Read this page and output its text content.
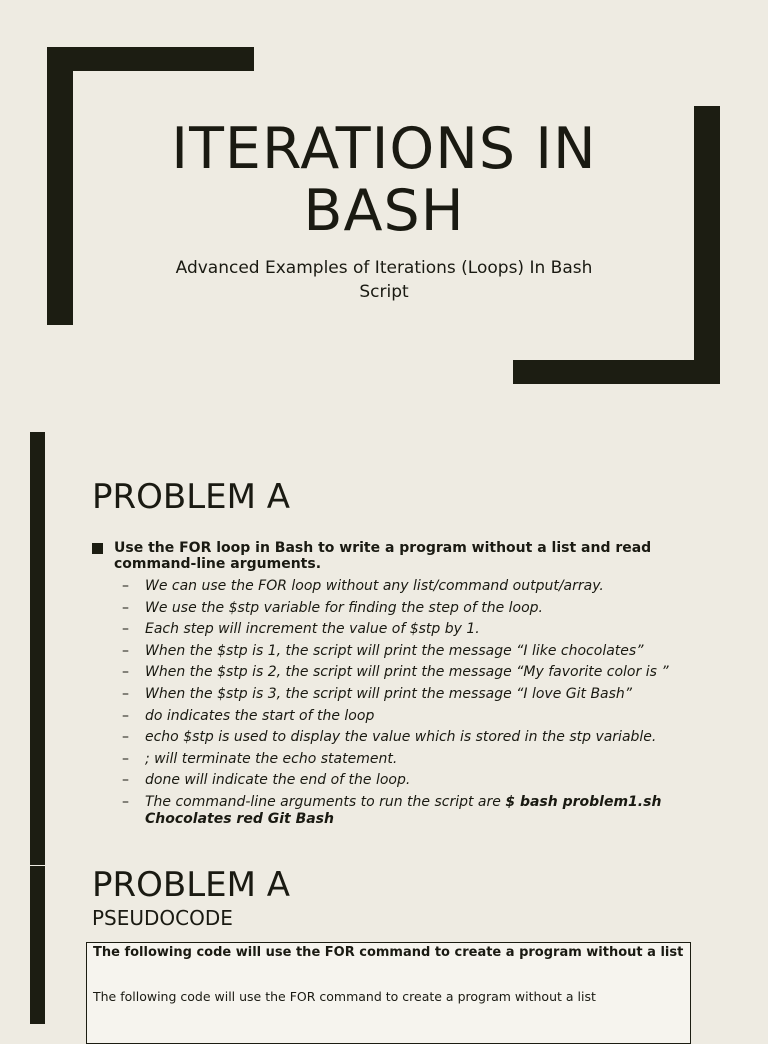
ITERATIONS IN BASH

Advanced Examples of Iterations (Loops) In Bash Script

PROBLEM A
Use the FOR loop in Bash to write a program without a list and read command-line arguments.
– We can use the FOR loop without any list/command output/array.
– We use the $stp variable for finding the step of the loop.
– Each step will increment the value of $stp by 1.
– When the $stp is 1, the script will print the message “I like chocolates”
– When the $stp is 2, the script will print the message “My favorite color is ”
– When the $stp is 3, the script will print the message “I love Git Bash”
– do indicates the start of the loop
– echo $stp is used to display the value which is stored in the stp variable.
– ; will terminate the echo statement.
– done will indicate the end of the loop.
– The command-line arguments to run the script are $ bash problem1.sh Chocolates red Git Bash
PROBLEM A
PSEUDOCODE
The following code will use the FOR command to create a program without a list
The following code will use the FOR command to create a program without a list
